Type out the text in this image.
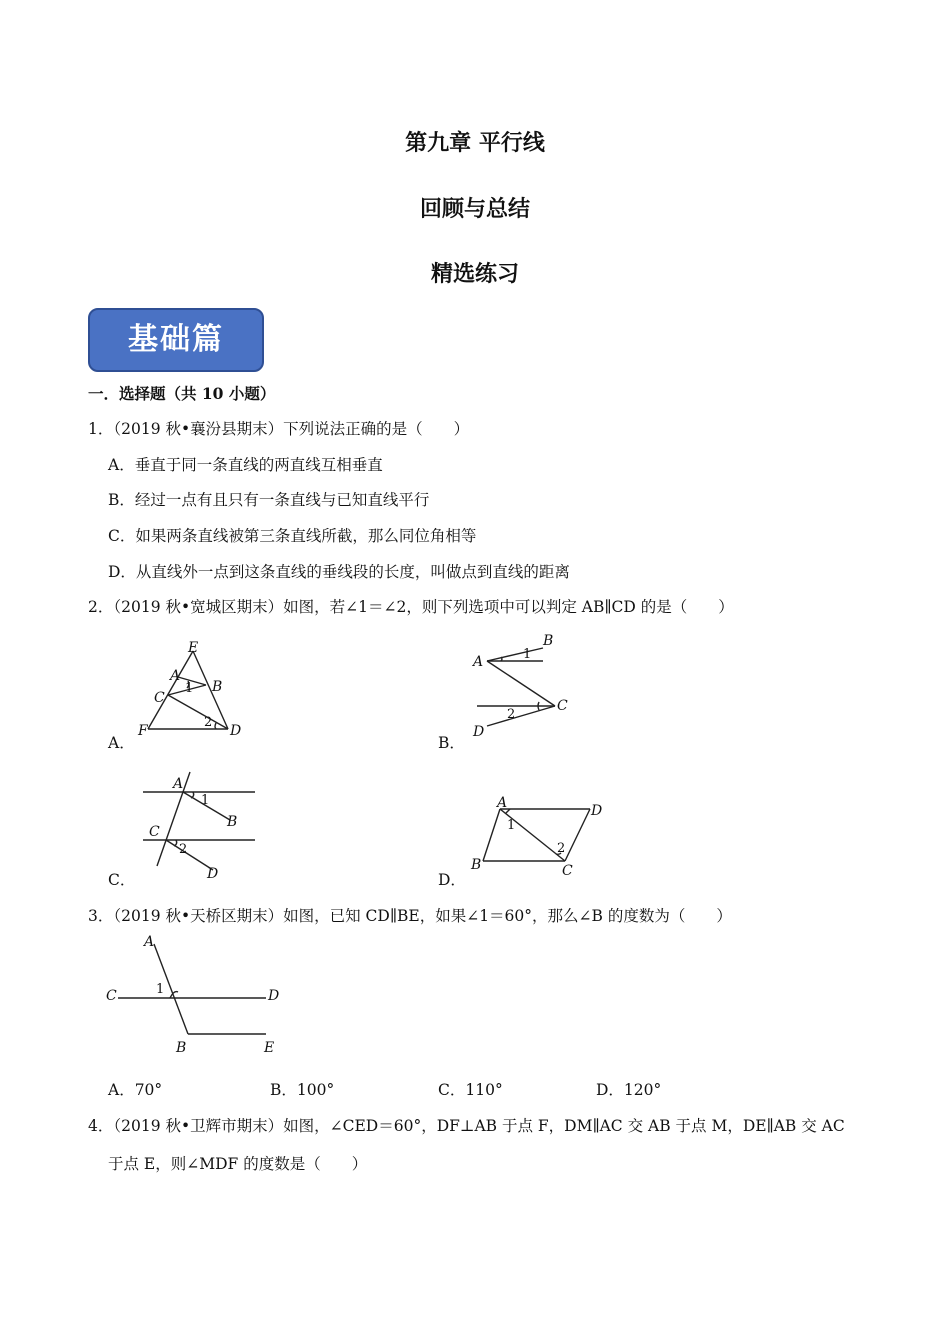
第九章 平行线
回顾与总结
精选练习
基础篇
一．选择题（共 10 小题）
1．（2019 秋•襄汾县期末）下列说法正确的是（　　）
A．垂直于同一条直线的两直线互相垂直
B．经过一点有且只有一条直线与已知直线平行
C．如果两条直线被第三条直线所截，那么同位角相等
D．从直线外一点到这条直线的垂线段的长度，叫做点到直线的距离
2．（2019 秋•宽城区期末）如图，若∠1＝∠2，则下列选项中可以判定 AB∥CD 的是（　　）
E
A
B
C
F	D
1
2
A．
A
B
C
D
1
2
B．
A
B
C
D
1
2
C．
A	D
B	C
1
2
D．
3．（2019 秋•天桥区期末）如图，已知 CD∥BE，如果∠1＝60°，那么∠B 的度数为（　　）
A
C	D
B	E
1
A．70°	B．100°	C．110°	D．120°
4．（2019 秋•卫辉市期末）如图，∠CED＝60°，DF⊥AB 于点 F，DM∥AC 交 AB 于点 M，DE∥AB 交 AC
于点 E，则∠MDF 的度数是（　　）
